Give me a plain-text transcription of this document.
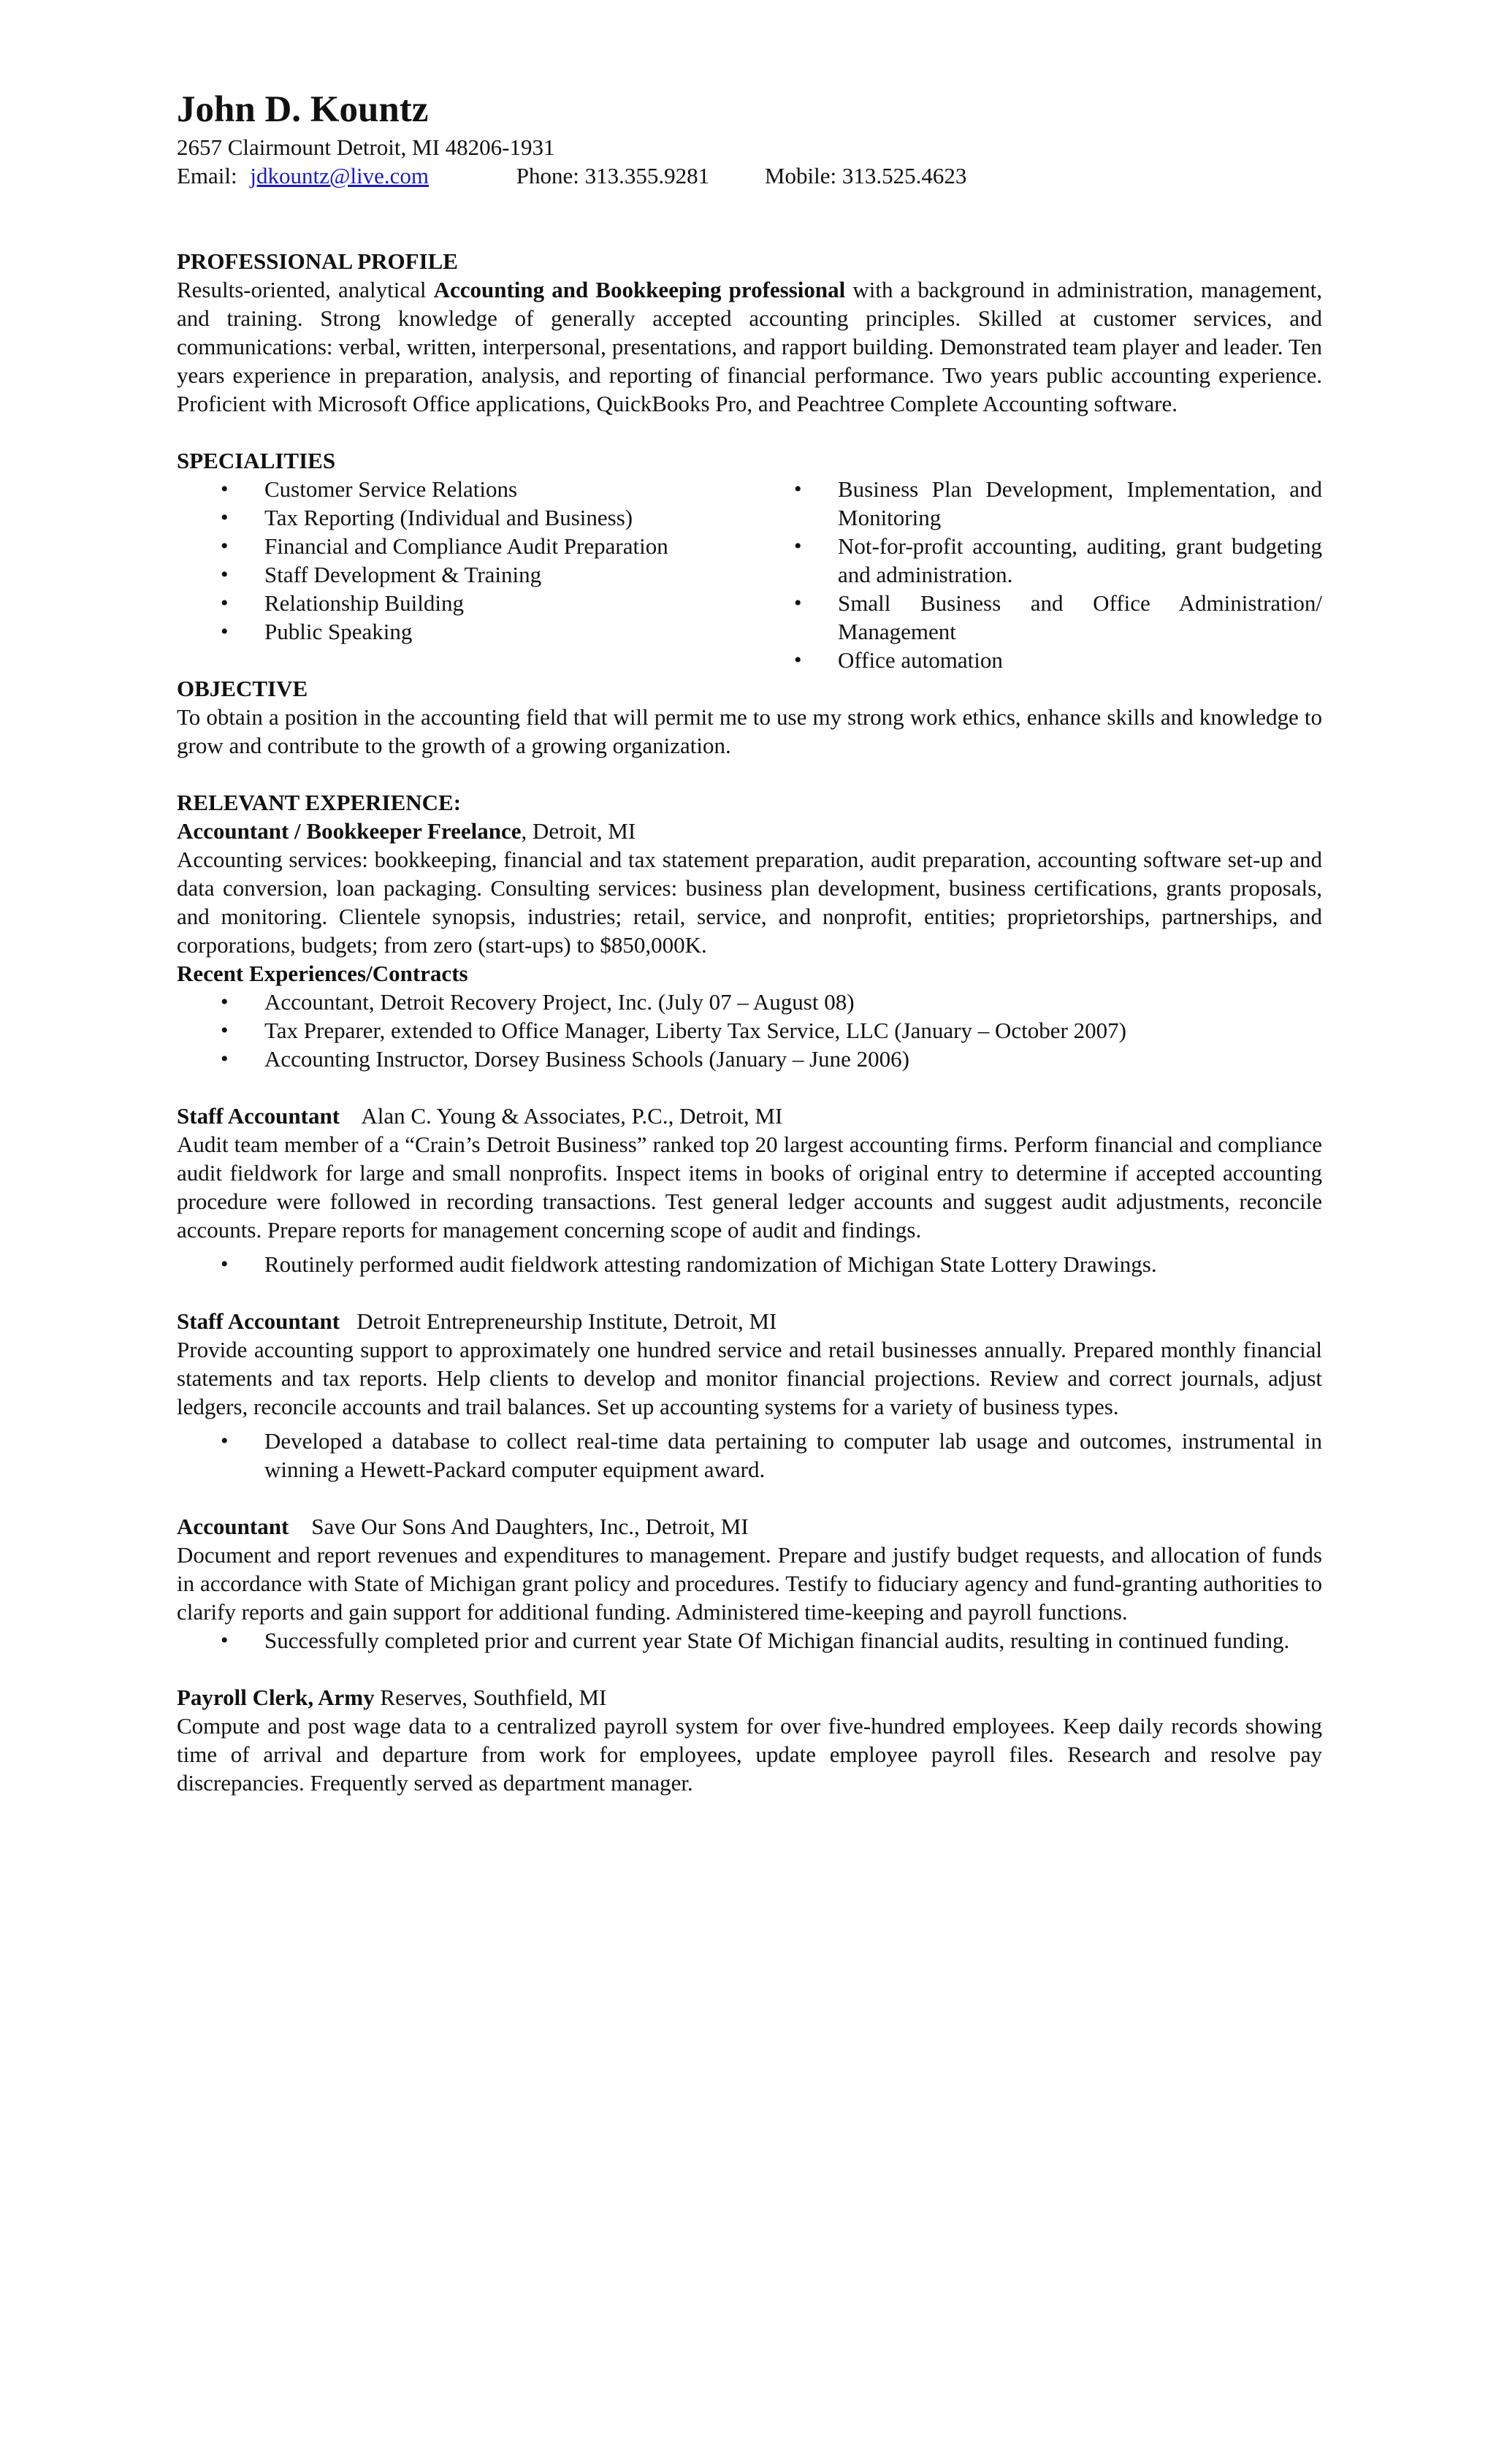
John D. Kountz

2657 Clairmount Detroit, MI 48206-1931

Email: jdkountz@live.com	Phone: 313.355.9281 Mobile: 313.525.4623

PROFESSIONAL PROFILE

Results-oriented, analytical Accounting and Bookkeeping professional with a background in administration, management, and training. Strong knowledge of generally accepted accounting principles. Skilled at customer services, and communications: verbal, written, interpersonal, presentations, and rapport building. Demonstrated team player and leader. Ten years experience in preparation, analysis, and reporting of financial performance. Two years public accounting experience. Proficient with Microsoft Office applications, QuickBooks Pro, and Peachtree Complete Accounting software.

SPECIALITIES
• Customer Service Relations
• Tax Reporting (Individual and Business)
• Financial and Compliance Audit Preparation
• Staff Development & Training
• Relationship Building
• Public Speaking
• Business Plan Development, Implementation, and Monitoring
• Not-for-profit accounting, auditing, grant budgeting and administration.
• Small Business and Office Administration/ Management
• Office automation
OBJECTIVE

To obtain a position in the accounting field that will permit me to use my strong work ethics, enhance skills and knowledge to grow and contribute to the growth of a growing organization.

RELEVANT EXPERIENCE:

Accountant / Bookkeeper Freelance, Detroit, MI

Accounting services: bookkeeping, financial and tax statement preparation, audit preparation, accounting software set-up and data conversion, loan packaging. Consulting services: business plan development, business certifications, grants proposals, and monitoring. Clientele synopsis, industries; retail, service, and nonprofit, entities; proprietorships, partnerships, and corporations, budgets; from zero (start-ups) to $850,000K.

Recent Experiences/Contracts

• Accountant, Detroit Recovery Project, Inc. (July 07 – August 08)
• Tax Preparer, extended to Office Manager, Liberty Tax Service, LLC (January – October 2007)
• Accounting Instructor, Dorsey Business Schools (January – June 2006)

Staff Accountant    Alan C. Young & Associates, P.C., Detroit, MI

Audit team member of a “Crain’s Detroit Business” ranked top 20 largest accounting firms. Perform financial and compliance audit fieldwork for large and small nonprofits. Inspect items in books of original entry to determine if accepted accounting procedure were followed in recording transactions. Test general ledger accounts and suggest audit adjustments, reconcile accounts. Prepare reports for management concerning scope of audit and findings.

• Routinely performed audit fieldwork attesting randomization of Michigan State Lottery Drawings.

Staff Accountant   Detroit Entrepreneurship Institute, Detroit, MI

Provide accounting support to approximately one hundred service and retail businesses annually. Prepared monthly financial statements and tax reports. Help clients to develop and monitor financial projections. Review and correct journals, adjust ledgers, reconcile accounts and trail balances. Set up accounting systems for a variety of business types.

• Developed a database to collect real-time data pertaining to computer lab usage and outcomes, instrumental in winning a Hewett-Packard computer equipment award.

Accountant    Save Our Sons And Daughters, Inc., Detroit, MI

Document and report revenues and expenditures to management. Prepare and justify budget requests, and allocation of funds in accordance with State of Michigan grant policy and procedures. Testify to fiduciary agency and fund-granting authorities to clarify reports and gain support for additional funding. Administered time-keeping and payroll functions.

• Successfully completed prior and current year State Of Michigan financial audits, resulting in continued funding.

Payroll Clerk, Army Reserves, Southfield, MI

Compute and post wage data to a centralized payroll system for over five-hundred employees. Keep daily records showing time of arrival and departure from work for employees, update employee payroll files. Research and resolve pay discrepancies. Frequently served as department manager.
